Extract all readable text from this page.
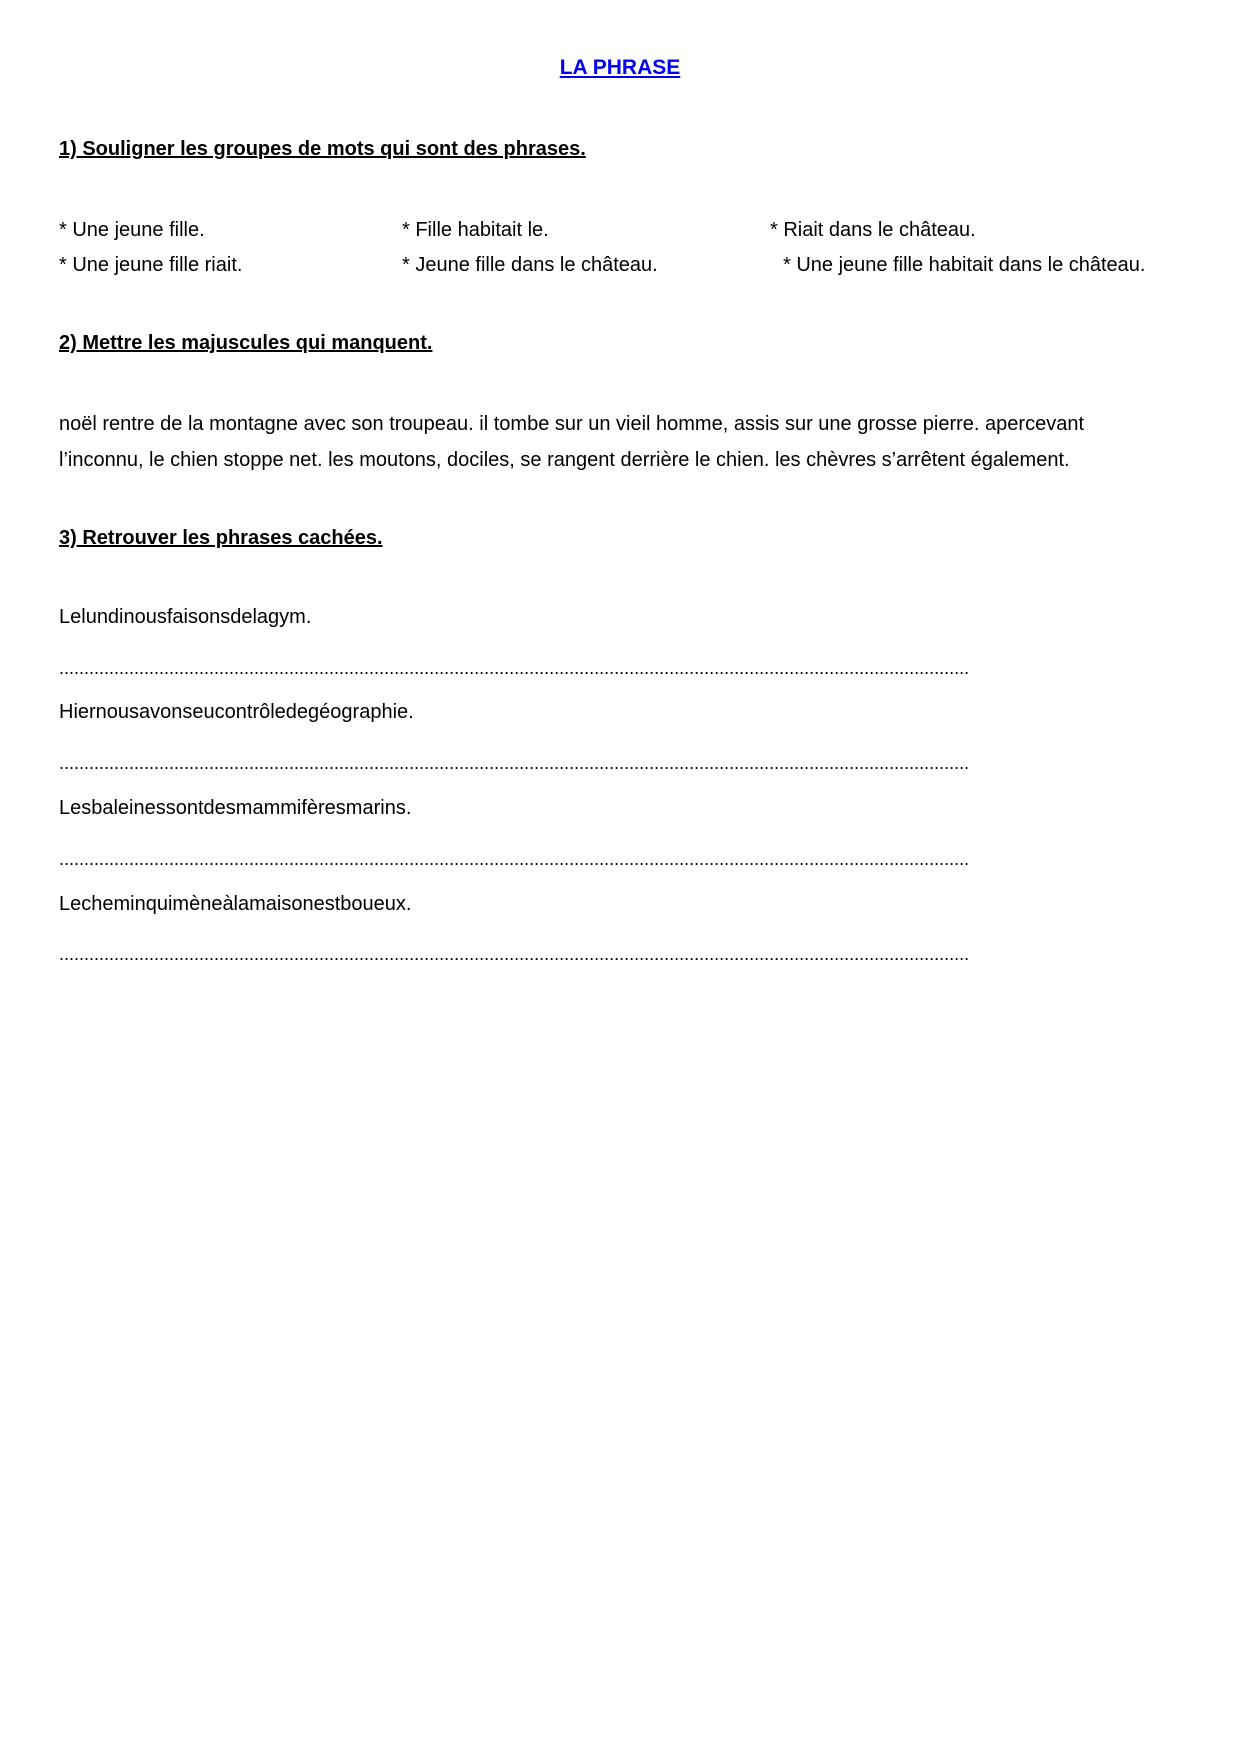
LA PHRASE
1) Souligner les groupes de mots qui sont des phrases.
* Une jeune fille.	* Fille habitait le.	* Riait dans le château.
* Une jeune fille riait.	* Jeune fille dans le château.	* Une jeune fille habitait dans le château.
2) Mettre les majuscules qui manquent.
noël rentre de la montagne avec son troupeau. il tombe sur un vieil homme, assis sur une grosse pierre. apercevant
l’inconnu, le chien stoppe net. les moutons, dociles, se rangent derrière le chien. les chèvres s’arrêtent également.
3) Retrouver les phrases cachées.
Lelundinousfaisonsdelagym.
......................................................................................................................................................................................
Hiernousavonseucontrôledegéographie.
......................................................................................................................................................................................
Lesbaleinessontdesmammifèresmarins.
......................................................................................................................................................................................
Lecheminquimèneàlamaisonestboueux.
......................................................................................................................................................................................
